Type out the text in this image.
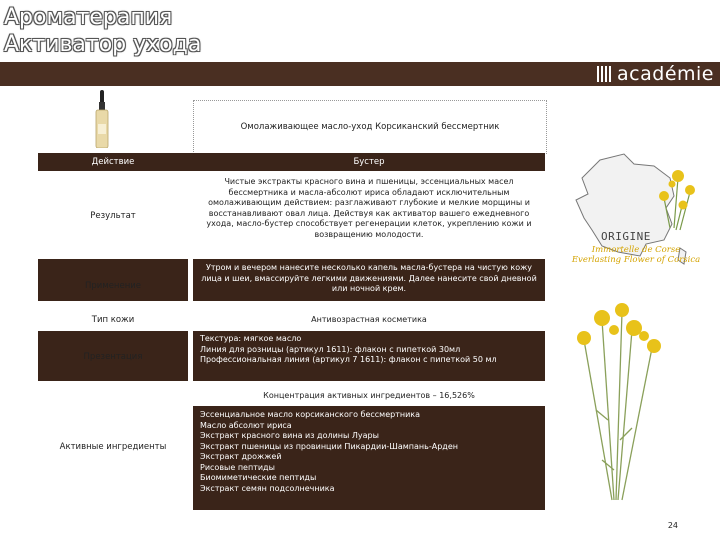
Ароматерапия
Активатор ухода
académie
Омолаживающее масло-уход Корсиканский бессмертник
Действие	Бустер
Результат
Чистые экстракты красного вина и пшеницы, эссенциальных масел бессмертника и масла-абсолют ириса обладают исключительным омолаживающим действием: разглаживают глубокие и мелкие морщины и восстанавливают овал лица. Действуя как активатор вашего ежедневного ухода, масло-бустер способствует регенерации клеток, укреплению кожи и возвращению молодости.
Применение
Утром и вечером нанесите несколько капель масла-бустера на чистую кожу лица и шеи, вмассируйте легкими движениями. Далее нанесите свой дневной или ночной крем.
Тип кожи	Антивозрастная косметика
Презентация
Текстура: мягкое масло
Линия для розницы (артикул 1611): флакон с пипеткой 30мл
Профессиональная линия (артикул 7 1611): флакон с пипеткой 50 мл
Концентрация активных ингредиентов – 16,526%
Активные ингредиенты
Эссенциальное масло корсиканского бессмертника
Масло абсолют ириса
Экстракт красного вина из долины Луары
Экстракт пшеницы из провинции Пикардии-Шампань-Арден
Экстракт дрожжей
Рисовые пептиды
Биомиметические пептиды
Экстракт семян подсолнечника
ORIGINE
Immortelle de Corse
Everlasting Flower of Corsica
24
